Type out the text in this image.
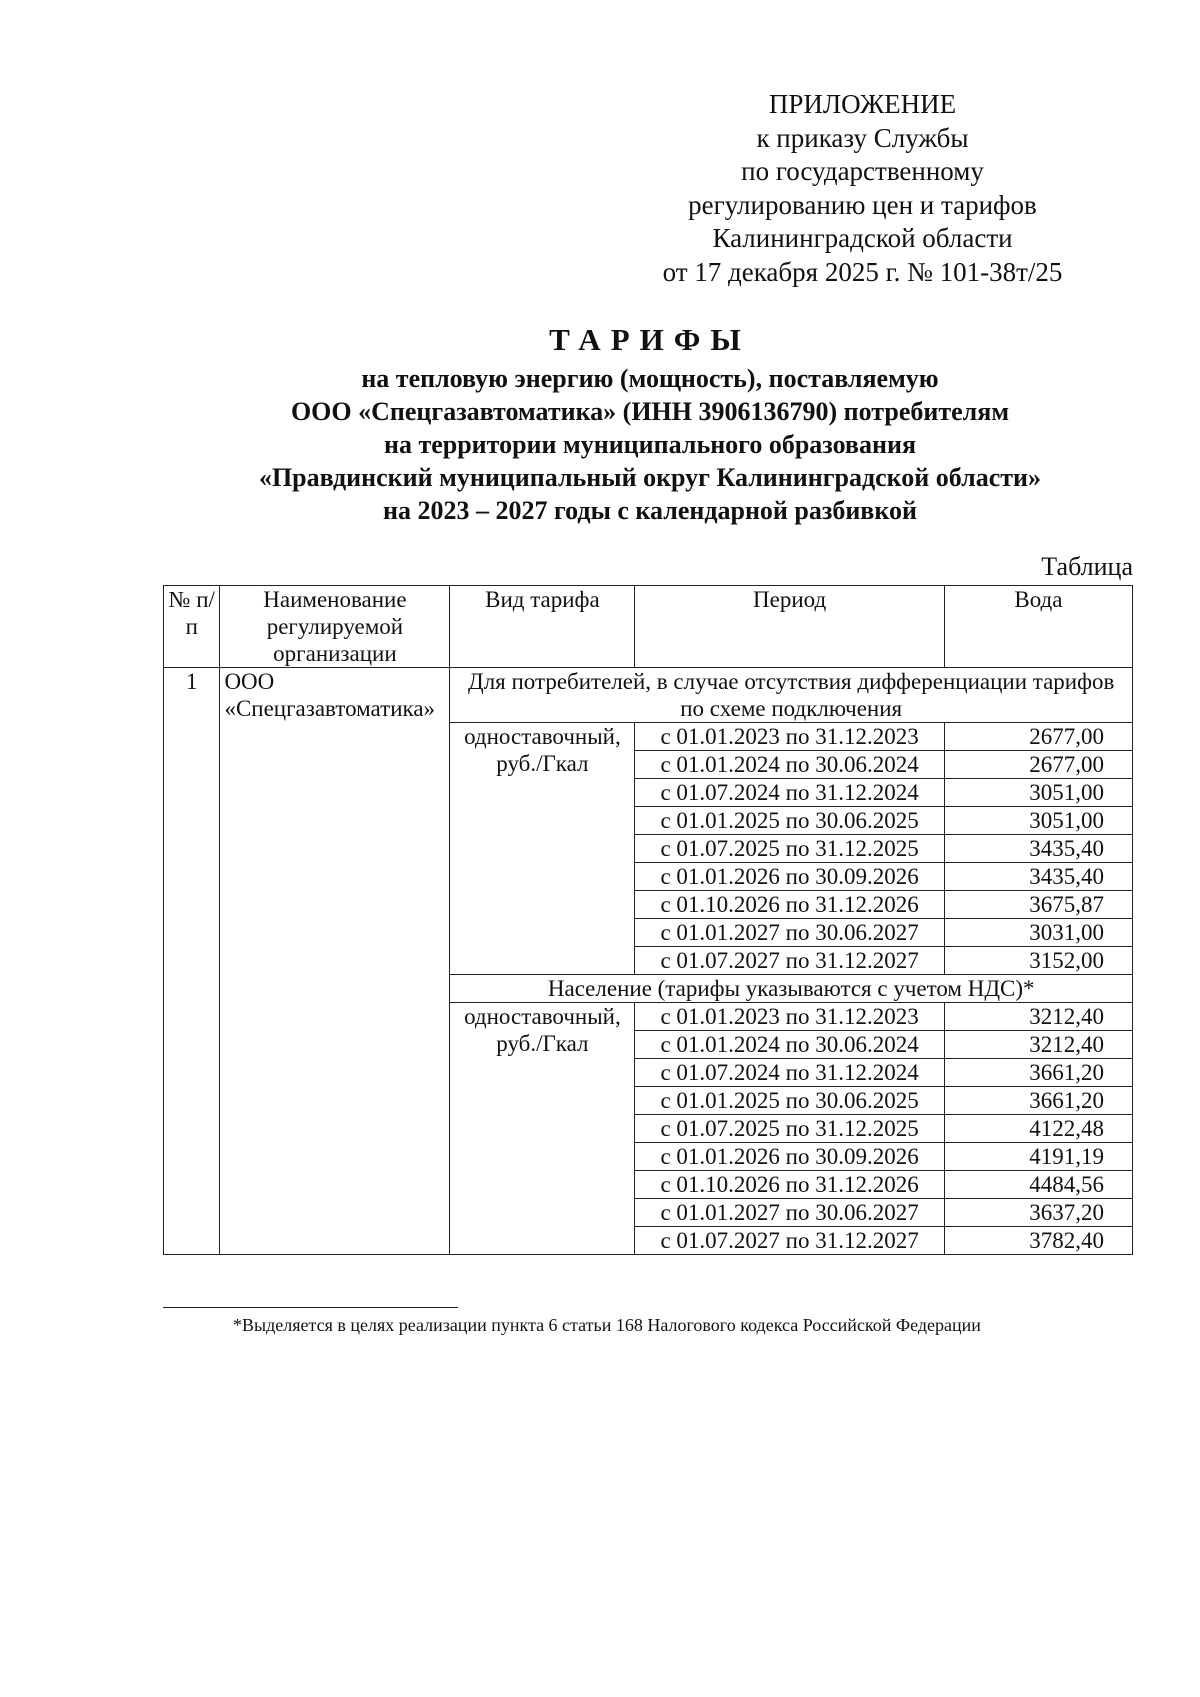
ПРИЛОЖЕНИЕ
к приказу Службы
по государственному
регулированию цен и тарифов
Калининградской области
от 17 декабря 2025 г. № 101-38т/25
ТАРИФЫ
на тепловую энергию (мощность), поставляемую
ООО «Спецгазавтоматика» (ИНН 3906136790) потребителям
на территории муниципального образования
«Правдинский муниципальный округ Калининградской области»
на 2023 – 2027 годы с календарной разбивкой
Таблица
№ п/п	Наименование регулируемой организации	Вид тарифа	Период	Вода
1	ООО «Спецгазавтоматика»	Для потребителей, в случае отсутствия дифференциации тарифов по схеме подключения		
		одноставочный, руб./Гкал	с 01.01.2023 по 31.12.2023	2677,00
			с 01.01.2024 по 30.06.2024	2677,00
			с 01.07.2024 по 31.12.2024	3051,00
			с 01.01.2025 по 30.06.2025	3051,00
			с 01.07.2025 по 31.12.2025	3435,40
			с 01.01.2026 по 30.09.2026	3435,40
			с 01.10.2026 по 31.12.2026	3675,87
			с 01.01.2027 по 30.06.2027	3031,00
			с 01.07.2027 по 31.12.2027	3152,00
		Население (тарифы указываются с учетом НДС)*		
		одноставочный, руб./Гкал	с 01.01.2023 по 31.12.2023	3212,40
			с 01.01.2024 по 30.06.2024	3212,40
			с 01.07.2024 по 31.12.2024	3661,20
			с 01.01.2025 по 30.06.2025	3661,20
			с 01.07.2025 по 31.12.2025	4122,48
			с 01.01.2026 по 30.09.2026	4191,19
			с 01.10.2026 по 31.12.2026	4484,56
			с 01.01.2027 по 30.06.2027	3637,20
			с 01.07.2027 по 31.12.2027	3782,40
*Выделяется в целях реализации пункта 6 статьи 168 Налогового кодекса Российской Федерации
